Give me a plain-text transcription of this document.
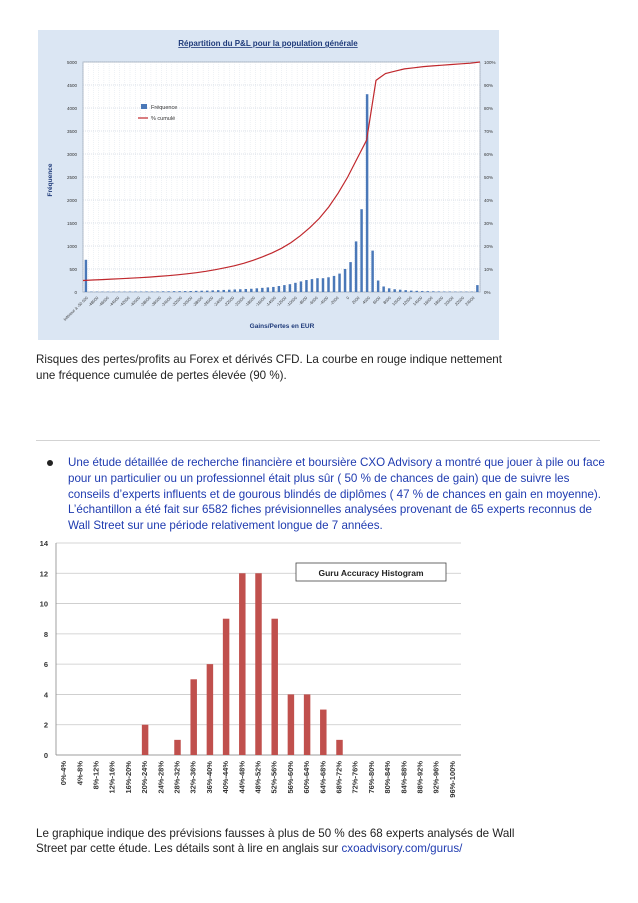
Répartition du P&L pour la population générale
0
500
1000
1500
2000
2500
3000
3500
4000
4500
5000
0%
10%
20%
30%
40%
50%
60%
70%
80%
90%
100%
Inférieur à -50 000
-48000
-46000
-44000
-42000
-40000
-38000
-36000
-34000
-32000
-30000
-28000
-26000
-24000
-22000
-20000
-18000
-16000
-14000
-12000
-10000 -8000 -6000 -4000 -2000 0 2000 4000 6000 8000 10000 12000 14000 16000 18000 20000 22000 24000
Gains/Pertes en EUR
Fréquence
Fréquence
% cumulé
Risques des pertes/profits au Forex et dérivés CFD. La courbe en rouge indique nettement une fréquence cumulée de pertes élevée (90 %).
Une étude détaillée de recherche financière et boursière CXO Advisory a montré que jouer à pile ou face pour un particulier ou un professionnel était plus sûr ( 50 % de chances de gain) que de suivre les conseils d’experts influents et de gourous blindés de diplômes ( 47 % de chances en gain en moyenne). L’échantillon a été fait sur 6582 fiches prévisionnelles analysées provenant de 65 experts reconnus de Wall Street sur une période relativement longue de 7 années.
0
2
4
6
8
10
12
14
0%-4% 4%-8% 8%-12% 12%-16% 16%-20% 20%-24% 24%-28% 28%-32% 32%-36% 36%-40% 40%-44% 44%-48% 48%-52% 52%-56% 56%-60% 60%-64% 64%-68% 68%-72% 72%-76% 76%-80% 80%-84% 84%-88% 88%-92% 92%-96% 96%-100%
Guru Accuracy Histogram
Le graphique indique des prévisions fausses à plus de 50 % des 68 experts analysés de Wall Street par cette étude. Les détails sont à lire en anglais sur cxoadvisory.com/gurus/
